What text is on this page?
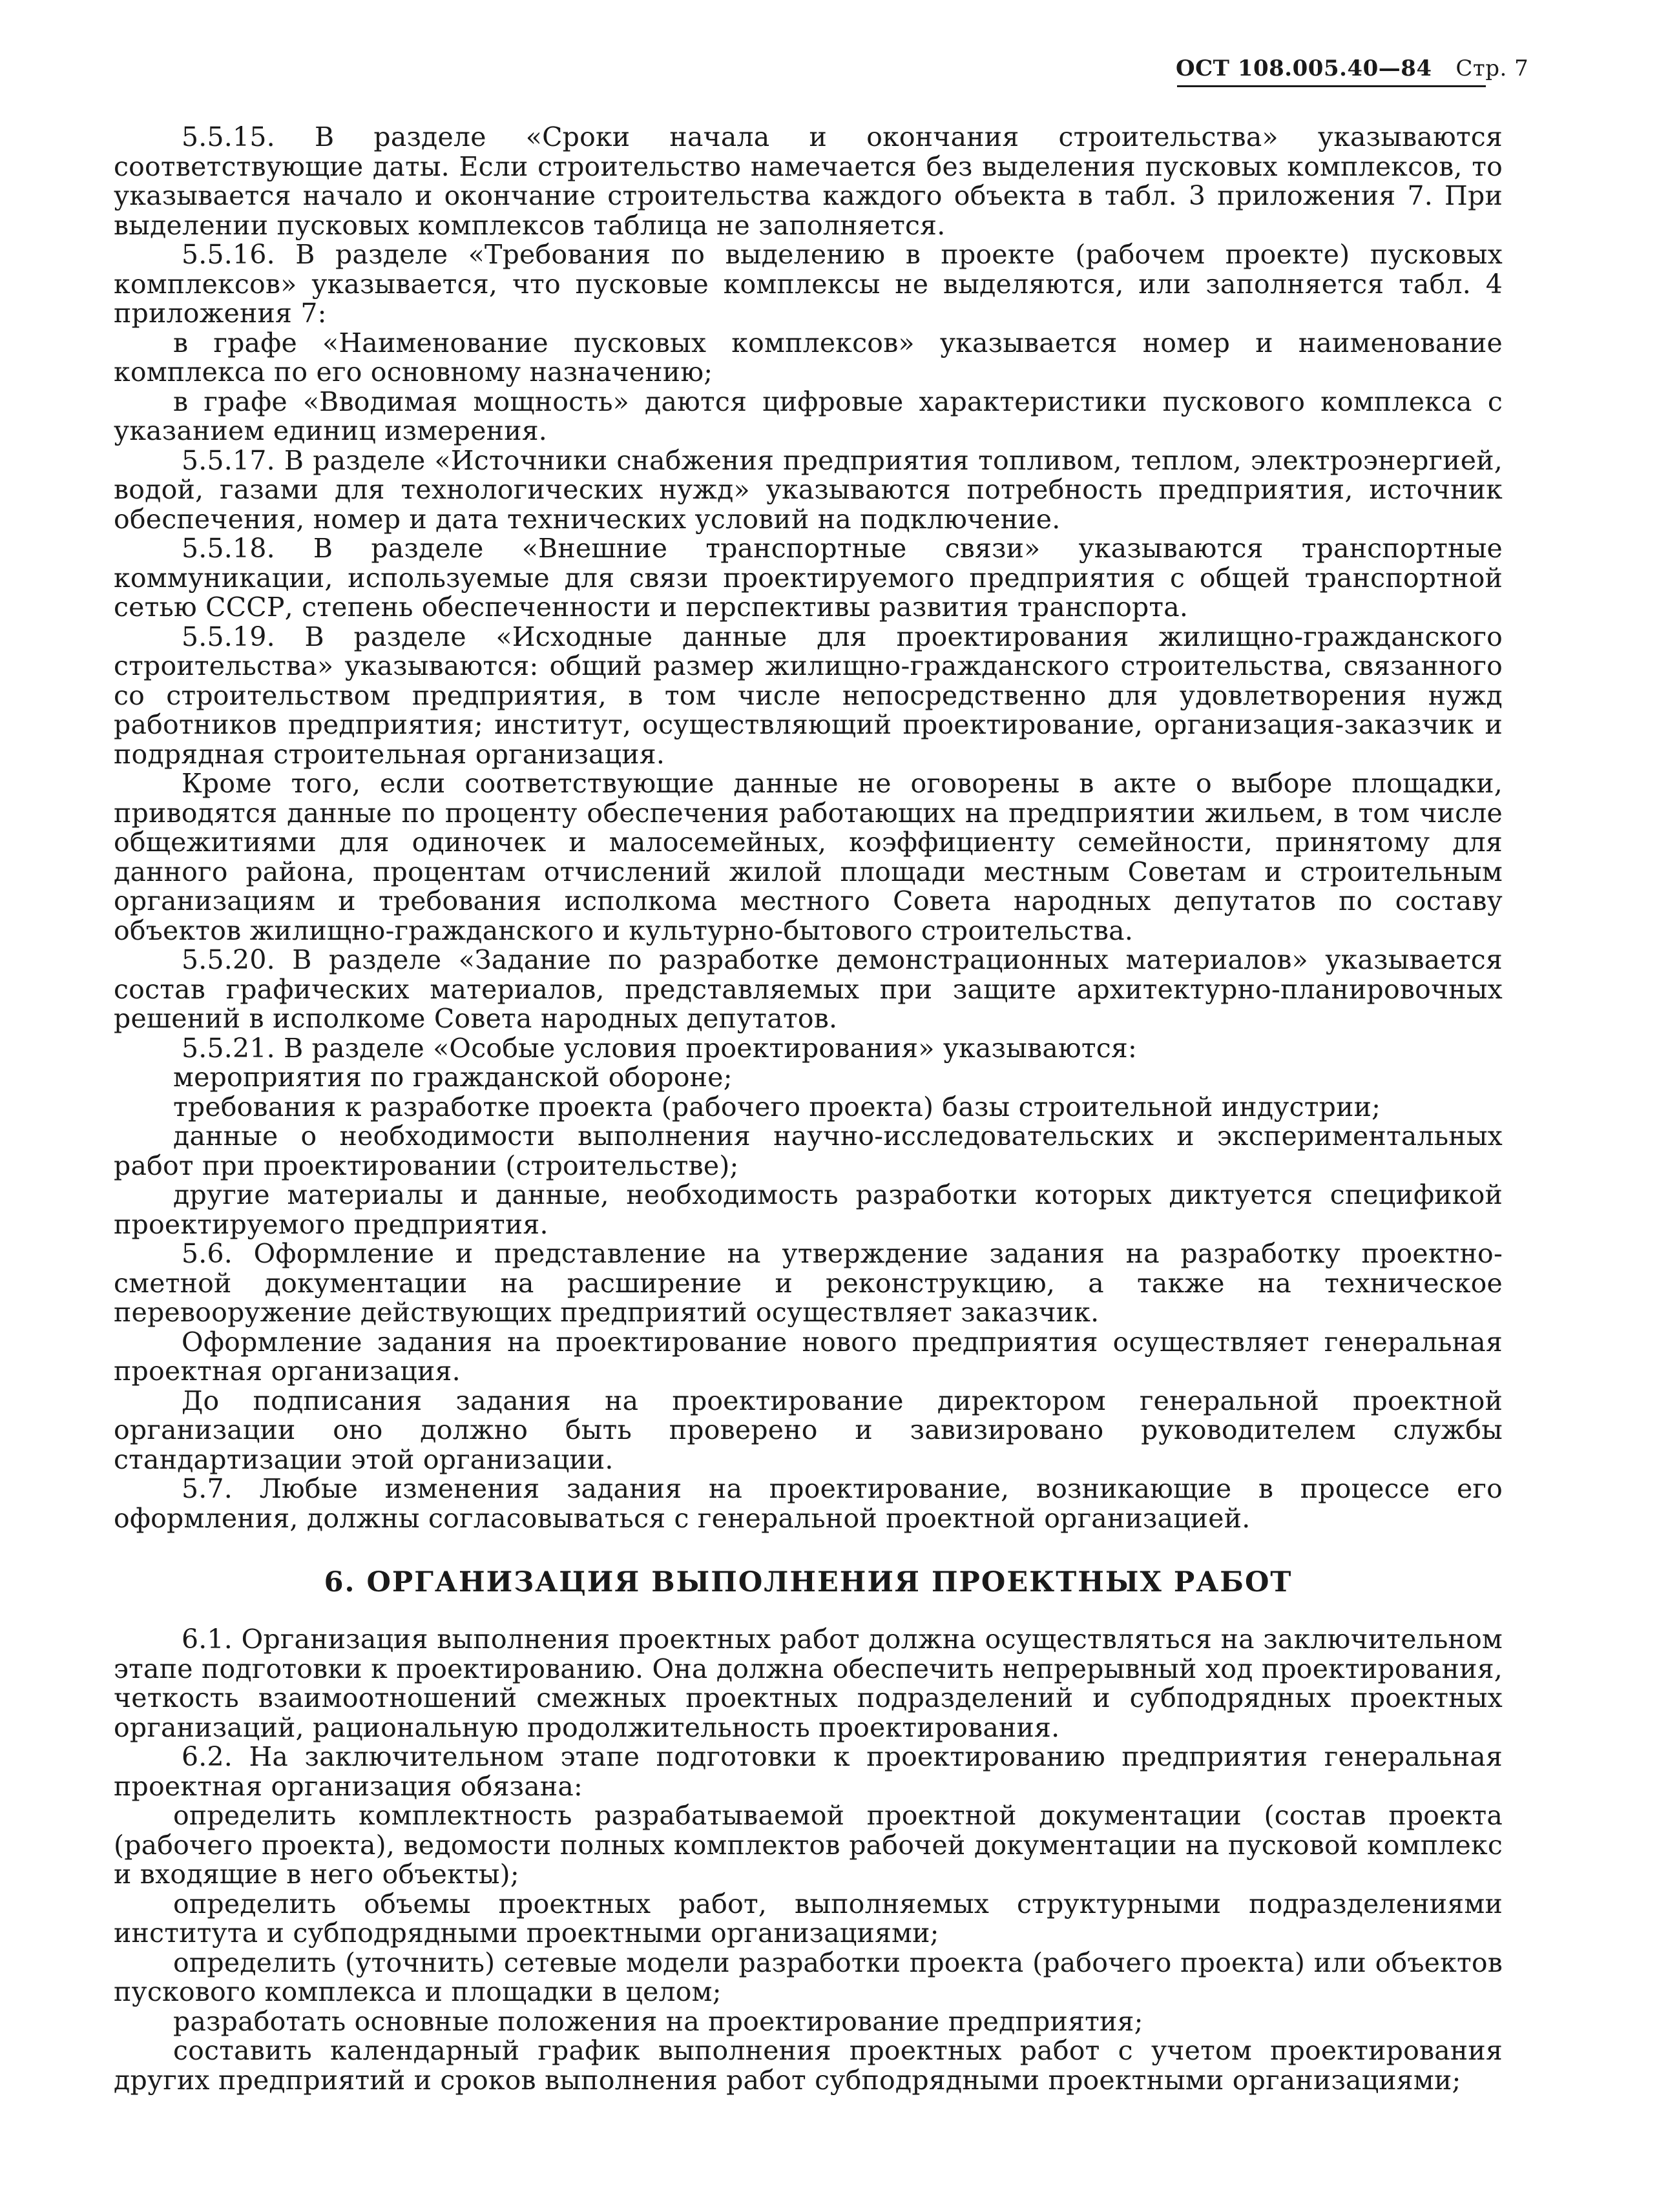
ОСТ 108.005.40—84 Стр. 7

5.5.15. В разделе «Сроки начала и окончания строительства» указываются соответствующие даты. Если строительство намечается без выделения пусковых комплексов, то указывается начало и окончание строительства каждого объекта в табл. 3 приложения 7. При выделении пусковых комплексов таблица не заполняется.

5.5.16. В разделе «Требования по выделению в проекте (рабочем проекте) пусковых комплексов» указывается, что пусковые комплексы не выделяются, или заполняется табл. 4 приложения 7:

в графе «Наименование пусковых комплексов» указывается номер и наименование комплекса по его основному назначению;

в графе «Вводимая мощность» даются цифровые характеристики пускового комплекса с указанием единиц измерения.

5.5.17. В разделе «Источники снабжения предприятия топливом, теплом, электроэнергией, водой, газами для технологических нужд» указываются потребность предприятия, источник обеспечения, номер и дата технических условий на подключение.

5.5.18. В разделе «Внешние транспортные связи» указываются транспортные коммуникации, используемые для связи проектируемого предприятия с общей транспортной сетью СССР, степень обеспеченности и перспективы развития транспорта.

5.5.19. В разделе «Исходные данные для проектирования жилищно-гражданского строительства» указываются: общий размер жилищно-гражданского строительства, связанного со строительством предприятия, в том числе непосредственно для удовлетворения нужд работников предприятия; институт, осуществляющий проектирование, организация-заказчик и подрядная строительная организация.

Кроме того, если соответствующие данные не оговорены в акте о выборе площадки, приводятся данные по проценту обеспечения работающих на предприятии жильем, в том числе общежитиями для одиночек и малосемейных, коэффициенту семейности, принятому для данного района, процентам отчислений жилой площади местным Советам и строительным организациям и требования исполкома местного Совета народных депутатов по составу объектов жилищно-гражданского и культурно-бытового строительства.

5.5.20. В разделе «Задание по разработке демонстрационных материалов» указывается состав графических материалов, представляемых при защите архитектурно-планировочных решений в исполкоме Совета народных депутатов.

5.5.21. В разделе «Особые условия проектирования» указываются:

мероприятия по гражданской обороне;

требования к разработке проекта (рабочего проекта) базы строительной индустрии;

данные о необходимости выполнения научно-исследовательских и экспериментальных работ при проектировании (строительстве);

другие материалы и данные, необходимость разработки которых диктуется спецификой проектируемого предприятия.

5.6. Оформление и представление на утверждение задания на разработку проектно-сметной документации на расширение и реконструкцию, а также на техническое перевооружение действующих предприятий осуществляет заказчик.

Оформление задания на проектирование нового предприятия осуществляет генеральная проектная организация.

До подписания задания на проектирование директором генеральной проектной организации оно должно быть проверено и завизировано руководителем службы стандартизации этой организации.

5.7. Любые изменения задания на проектирование, возникающие в процессе его оформления, должны согласовываться с генеральной проектной организацией.

6. ОРГАНИЗАЦИЯ ВЫПОЛНЕНИЯ ПРОЕКТНЫХ РАБОТ

6.1. Организация выполнения проектных работ должна осуществляться на заключительном этапе подготовки к проектированию. Она должна обеспечить непрерывный ход проектирования, четкость взаимоотношений смежных проектных подразделений и субподрядных проектных организаций, рациональную продолжительность проектирования.

6.2. На заключительном этапе подготовки к проектированию предприятия генеральная проектная организация обязана:

определить комплектность разрабатываемой проектной документации (состав проекта (рабочего проекта), ведомости полных комплектов рабочей документации на пусковой комплекс и входящие в него объекты);

определить объемы проектных работ, выполняемых структурными подразделениями института и субподрядными проектными организациями;

определить (уточнить) сетевые модели разработки проекта (рабочего проекта) или объектов пускового комплекса и площадки в целом;

разработать основные положения на проектирование предприятия;

составить календарный график выполнения проектных работ с учетом проектирования других предприятий и сроков выполнения работ субподрядными проектными организациями;
